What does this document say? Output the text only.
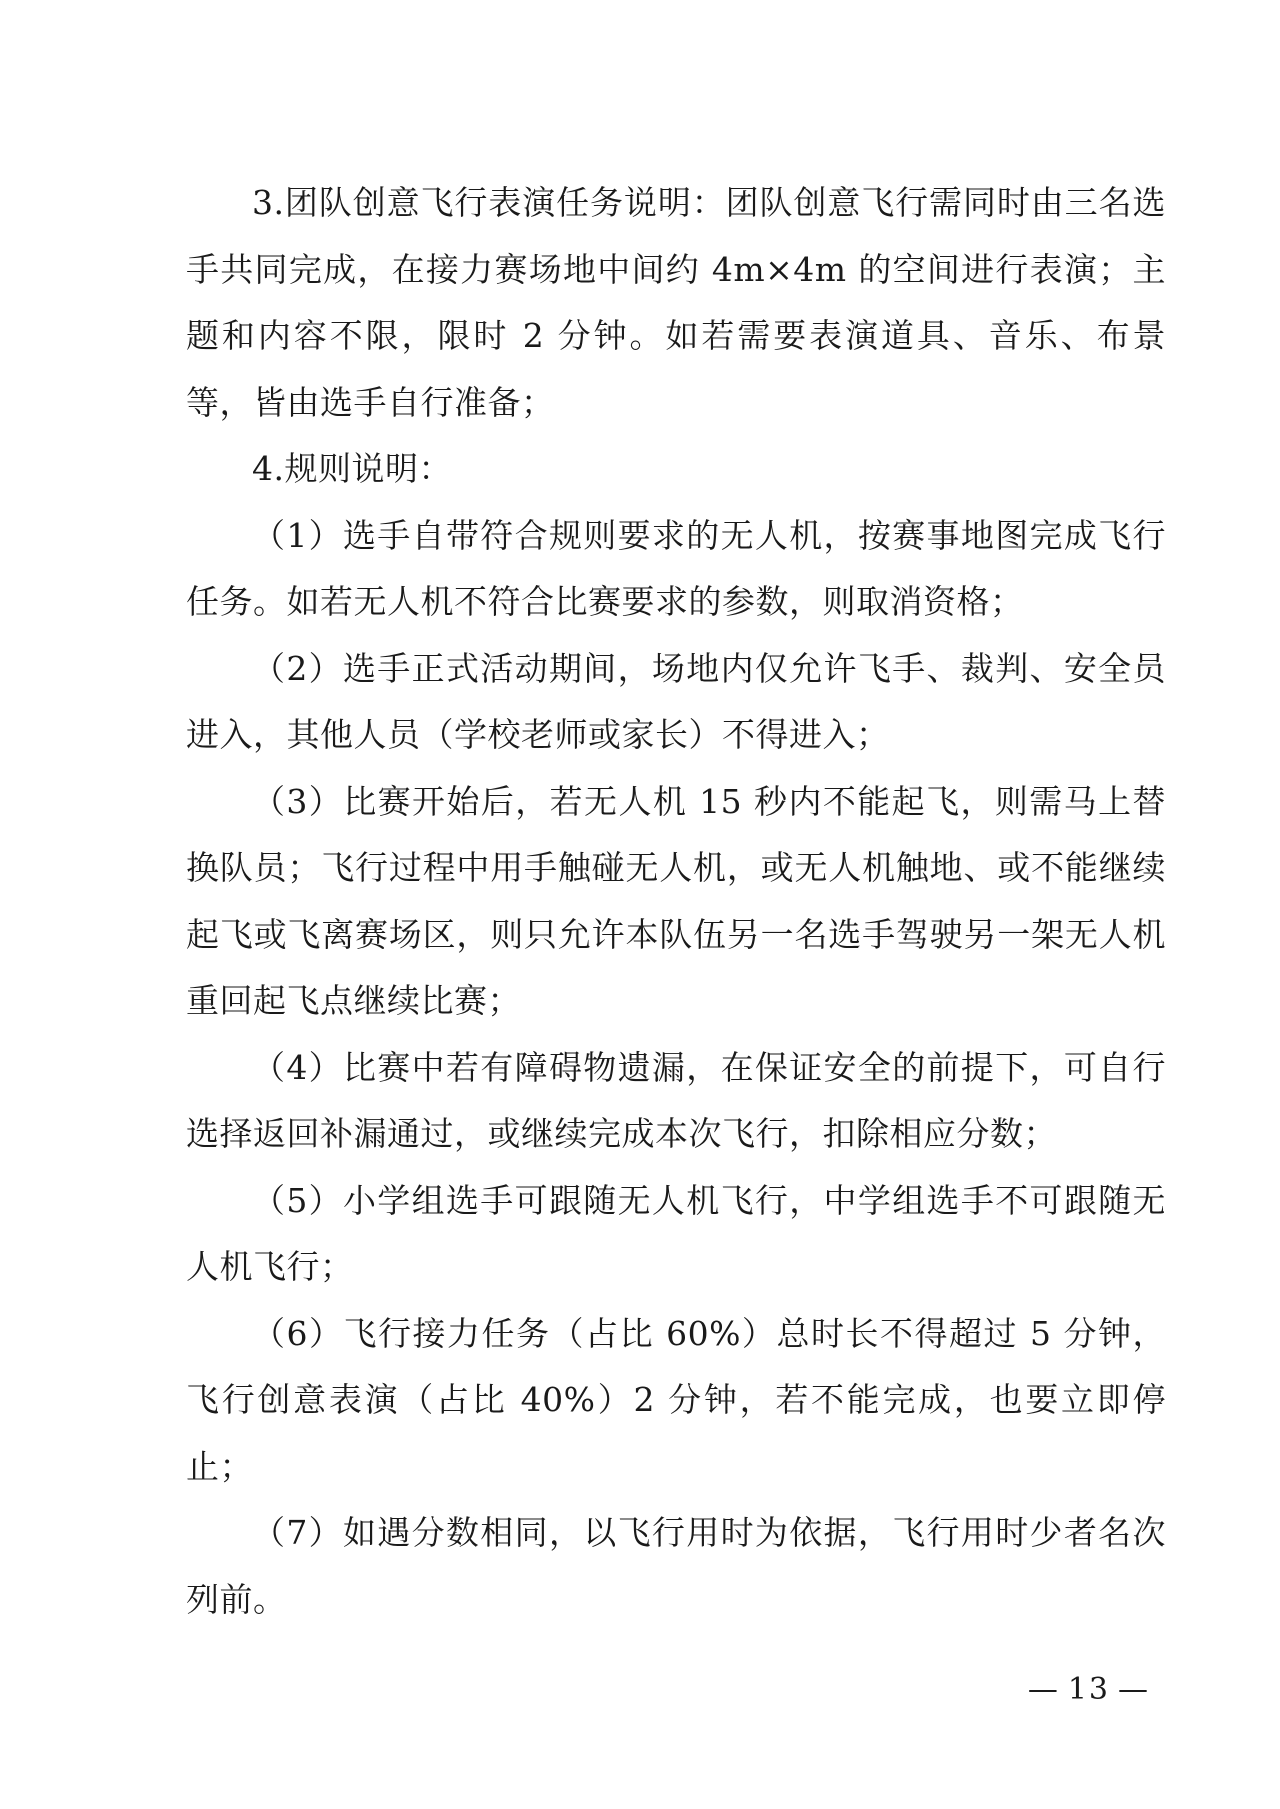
3.团队创意飞行表演任务说明：团队创意飞行需同时由三名选手共同完成，在接力赛场地中间约 4m×4m 的空间进行表演；主题和内容不限，限时 2 分钟。如若需要表演道具、音乐、布景等，皆由选手自行准备；

4.规则说明：

（1）选手自带符合规则要求的无人机，按赛事地图完成飞行任务。如若无人机不符合比赛要求的参数，则取消资格；

（2）选手正式活动期间，场地内仅允许飞手、裁判、安全员进入，其他人员（学校老师或家长）不得进入；

（3）比赛开始后，若无人机 15 秒内不能起飞，则需马上替换队员；飞行过程中用手触碰无人机，或无人机触地、或不能继续起飞或飞离赛场区，则只允许本队伍另一名选手驾驶另一架无人机重回起飞点继续比赛；

（4）比赛中若有障碍物遗漏，在保证安全的前提下，可自行选择返回补漏通过，或继续完成本次飞行，扣除相应分数；

（5）小学组选手可跟随无人机飞行，中学组选手不可跟随无人机飞行；

（6）飞行接力任务（占比 60%）总时长不得超过 5 分钟，飞行创意表演（占比 40%）2 分钟，若不能完成，也要立即停止；

（7）如遇分数相同，以飞行用时为依据，飞行用时少者名次列前。

— 13 —
